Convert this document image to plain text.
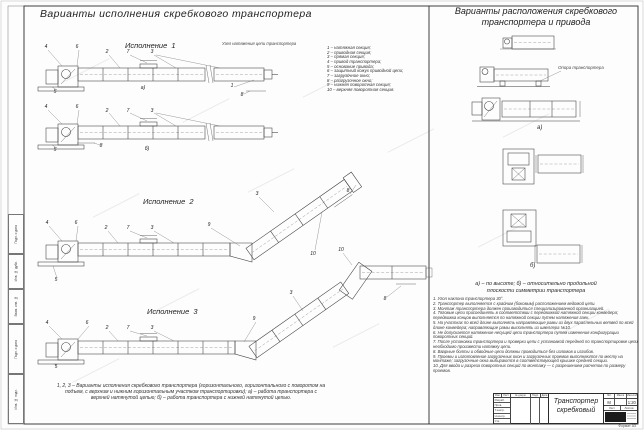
Варианты исполнения скребкового транспортера	Варианты расположения скребкового
транспортера и привода
Исполнение  1
Исполнение  2
Исполнение  3
Узел натяжения цепи транспортера
Опора транспортера
а)
б)
1 – натяжная секция;
2 – приводная секция;
3 – прямая секция;
4 – привод транспортера;
5 – основание привода;
6 – защитный кожух приводной цепи;
7 – загрузочное окно;
8 – разгрузочное окно;
9 – нижняя поворотная секция;
10 – верхняя поворотная секция.
а) – по высоте; б) – относительно продольной
плоскости симметрии транспортера
1. Угол наклона транспортера 30°.
2. Транспортер выполняется с крайним (боковым) расположением ведомой цепи.
3. Монтаж транспортера должен производиться специализированной организацией.
4. Тяговые цепи присоединять в соответствии с передвижкой натяжной секции конвейера; передвижка концов выполняется по натяжной секции путем натяжения гаек.
5. На участках по всей длине выполнять направляющие рамы из двух параллельных ветвей по всей длине конвейера; направляющие рамы выполнять из швеллера №10.
6. Не допускается натяжение несущей цепи транспортера путем изменения конфигурации поворотных секций.
7. После установки транспортера и проверки цепи с установкой передней по транспортировке цепи необходимо произвести натяжку цепи.
8. Вварные болты и обводные цепи должны проводиться без изломов и изгибов.
9. Проемы и изготовление загрузочных окон и загрузочных проемов выполняются по месту на монтаже; загрузочные окна выбираются в соответствующей крышке средней секции.
10. Для ввода и разреза поворотных секций по монтажу — с разрешением расчетов по размеру проемов.
1, 2, 3 – Варианты исполнения скребкового транспортера (горизонтального, горизонтального с поворотом на подъем, с верхним и нижним горизонтальным участком транспортировки); а) – работа транспортера с верхней натянутой цепью; б) – работа транспортера с нижней натянутой цепью.
4	6
2	7	3
5
1
8
а)
4	6
2	7	3
5
8	б)
4	6
2	7	3
5
9
3
10
8
4	6
2	7	3
5
9
3
10
8
Подп. и дата
Инв. № дубл.
Взам. инв. №
Подп. и дата
Инв. № подл.	Изм.	Лист	№ докум.	Подп.	Дата
Разраб.
Пров.
Т.контр.
Н.контр.
Утв.
Транспортер
скребковый
Лит.	Масса Масштаб
М	1:20
Лист	Листов
Формат А3
